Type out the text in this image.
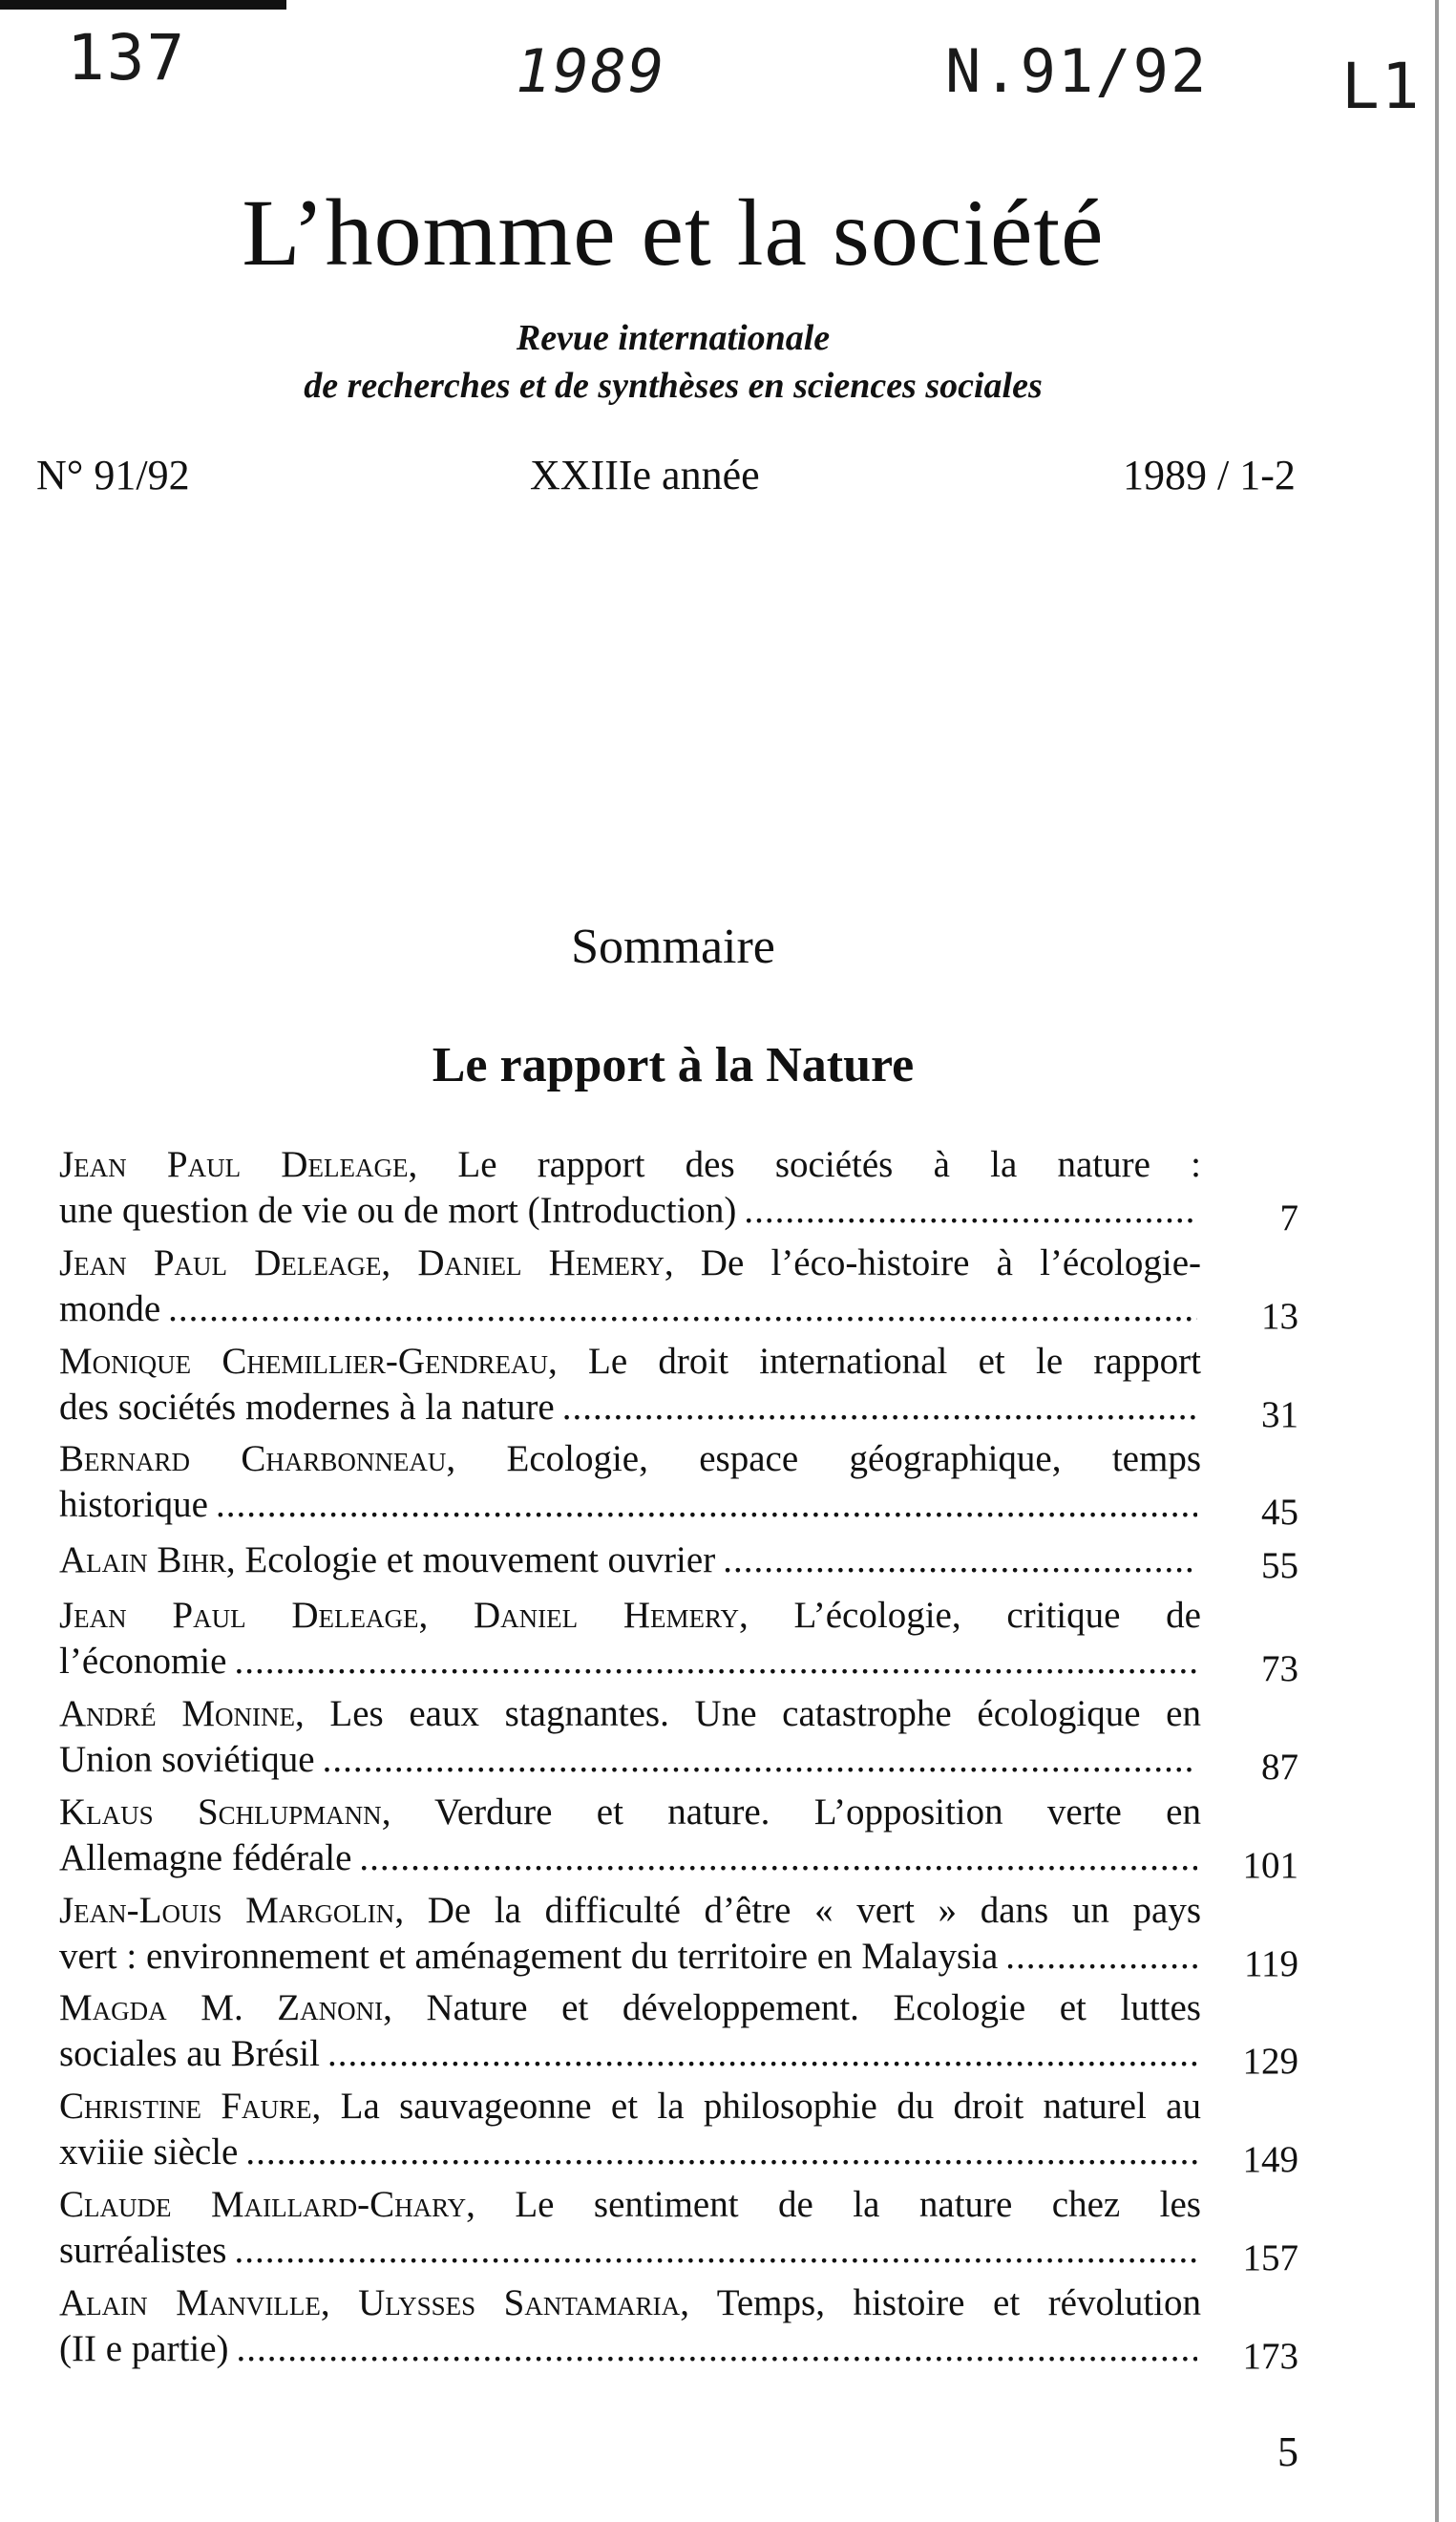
137	1989	N.91/92 L1
L’homme et la société
Revue internationale
de recherches et de synthèses en sciences sociales
N° 91/92	XXIIIe année	1989 / 1-2
Sommaire
Le rapport à la Nature
Jean Paul Deleage, Le rapport des sociétés à la nature :
une question de vie ou de mort (Introduction) .....	7
Jean Paul Deleage, Daniel Hemery, De l’éco-histoire à l’écologie-
monde .....	13
Monique Chemillier-Gendreau, Le droit international et le rapport
des sociétés modernes à la nature .....	31
Bernard Charbonneau, Ecologie, espace géographique, temps
historique .....	45
Alain Bihr, Ecologie et mouvement ouvrier .....	55
Jean Paul Deleage, Daniel Hemery, L’écologie, critique de
l’économie .....	73
André Monine, Les eaux stagnantes. Une catastrophe écologique en
Union soviétique .....	87
Klaus Schlupmann, Verdure et nature. L’opposition verte en
Allemagne fédérale .....	101
Jean-Louis Margolin, De la difficulté d’être « vert » dans un pays
vert : environnement et aménagement du territoire en Malaysia .....	119
Magda M. Zanoni, Nature et développement. Ecologie et luttes
sociales au Brésil .....	129
Christine Faure, La sauvageonne et la philosophie du droit naturel au
xviiie siècle .....	149
Claude Maillard-Chary, Le sentiment de la nature chez les
surréalistes .....	157
Alain Manville, Ulysses Santamaria, Temps, histoire et révolution
(II e partie) .....	173
5
